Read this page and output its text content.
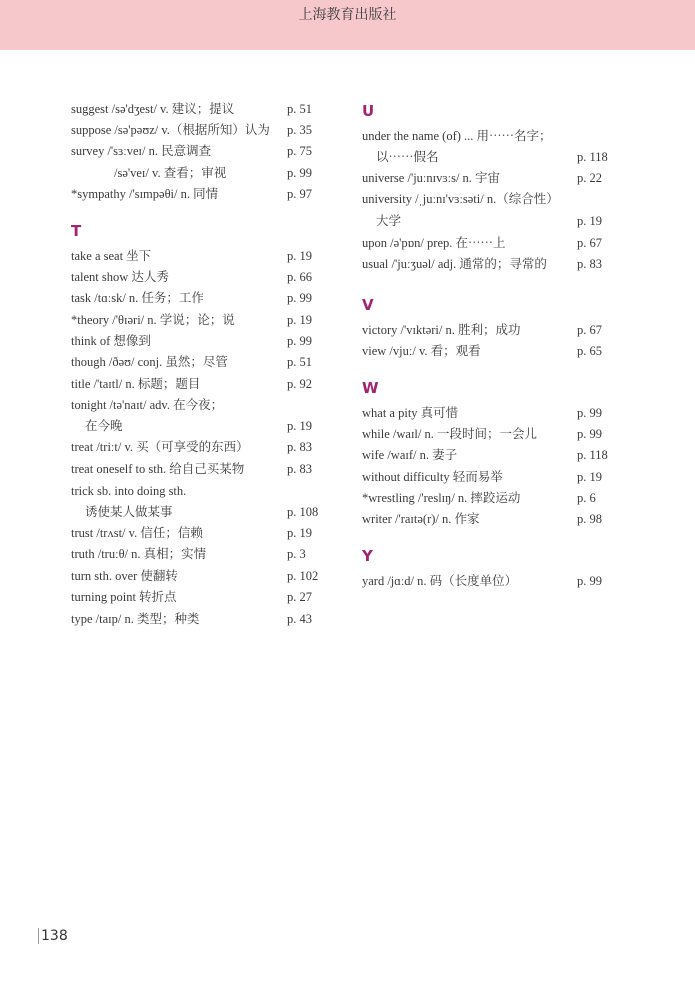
上海教育出版社
suggest /sə'dʒest/ v. 建议；提议	p. 51
suppose /sə'pəʊz/ v.（根据所知）认为 p. 35
survey /'sɜːveɪ/ n. 民意调查	p. 75
/sə'veɪ/ v. 查看；审视	p. 99
*sympathy /'sɪmpəθi/ n. 同情	p. 97
T
take a seat 坐下	p. 19
talent show 达人秀	p. 66
task /tɑːsk/ n. 任务；工作	p. 99
*theory /'θɪəri/ n. 学说；论；说	p. 19
think of 想像到	p. 99
though /ðəʊ/ conj. 虽然；尽管	p. 51
title /'taɪtl/ n. 标题；题目	p. 92
tonight /tə'naɪt/ adv. 在今夜；
在今晚	p. 19
treat /triːt/ v. 买（可享受的东西）	p. 83
treat oneself to sth. 给自己买某物	p. 83
trick sb. into doing sth.
诱使某人做某事	p. 108
trust /trʌst/ v. 信任；信赖	p. 19
truth /truːθ/ n. 真相；实情	p. 3
turn sth. over 使翻转	p. 102
turning point 转折点	p. 27
type /taɪp/ n. 类型；种类	p. 43
U
under the name (of) ... 用⋯⋯名字；
以⋯⋯假名	p. 118
universe /'juːnɪvɜːs/ n. 宇宙	p. 22
university /ˌjuːnɪ'vɜːsəti/ n.（综合性）
大学	p. 19
upon /ə'pɒn/ prep. 在⋯⋯上	p. 67
usual /'juːʒuəl/ adj. 通常的；寻常的 p. 83
V
victory /'vɪktəri/ n. 胜利；成功	p. 67
view /vjuː/ v. 看；观看	p. 65
W
what a pity 真可惜	p. 99
while /waɪl/ n. 一段时间；一会儿	p. 99
wife /waɪf/ n. 妻子	p. 118
without difficulty 轻而易举	p. 19
*wrestling /'reslɪŋ/ n. 摔跤运动	p. 6
writer /'raɪtə(r)/ n. 作家	p. 98
Y
yard /jɑːd/ n. 码（长度单位）	p. 99
138
